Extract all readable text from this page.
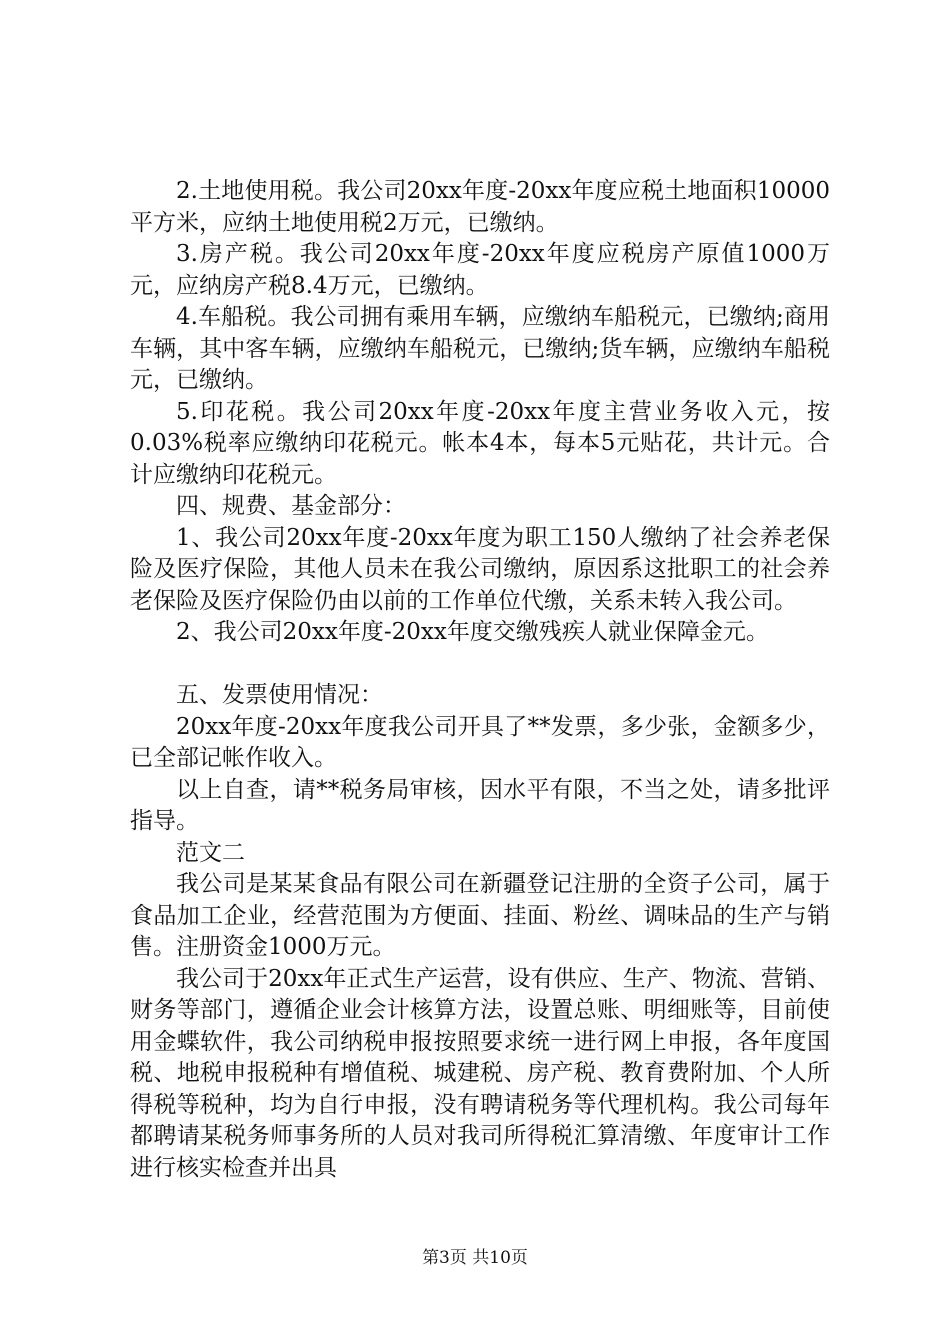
2.土地使用税。我公司20xx年度-20xx年度应税土地面积10000平方米，应纳土地使用税2万元，已缴纳。

3.房产税。我公司20xx年度-20xx年度应税房产原值1000万元，应纳房产税8.4万元，已缴纳。

4.车船税。我公司拥有乘用车辆，应缴纳车船税元，已缴纳;商用车辆，其中客车辆，应缴纳车船税元，已缴纳;货车辆，应缴纳车船税元，已缴纳。

5.印花税。我公司20xx年度-20xx年度主营业务收入元，按0.03%税率应缴纳印花税元。帐本4本，每本5元贴花，共计元。合计应缴纳印花税元。

四、规费、基金部分：

1、我公司20xx年度-20xx年度为职工150人缴纳了社会养老保险及医疗保险，其他人员未在我公司缴纳，原因系这批职工的社会养老保险及医疗保险仍由以前的工作单位代缴，关系未转入我公司。

2、我公司20xx年度-20xx年度交缴残疾人就业保障金元。

五、发票使用情况：

20xx年度-20xx年度我公司开具了**发票，多少张，金额多少，已全部记帐作收入。

以上自查，请**税务局审核，因水平有限，不当之处，请多批评指导。

范文二

我公司是某某食品有限公司在新疆登记注册的全资子公司，属于食品加工企业，经营范围为方便面、挂面、粉丝、调味品的生产与销售。注册资金1000万元。

我公司于20xx年正式生产运营，设有供应、生产、物流、营销、财务等部门，遵循企业会计核算方法，设置总账、明细账等，目前使用金蝶软件，我公司纳税申报按照要求统一进行网上申报，各年度国税、地税申报税种有增值税、城建税、房产税、教育费附加、个人所得税等税种，均为自行申报，没有聘请税务等代理机构。我公司每年都聘请某税务师事务所的人员对我司所得税汇算清缴、年度审计工作进行核实检查并出具

第3页 共10页
